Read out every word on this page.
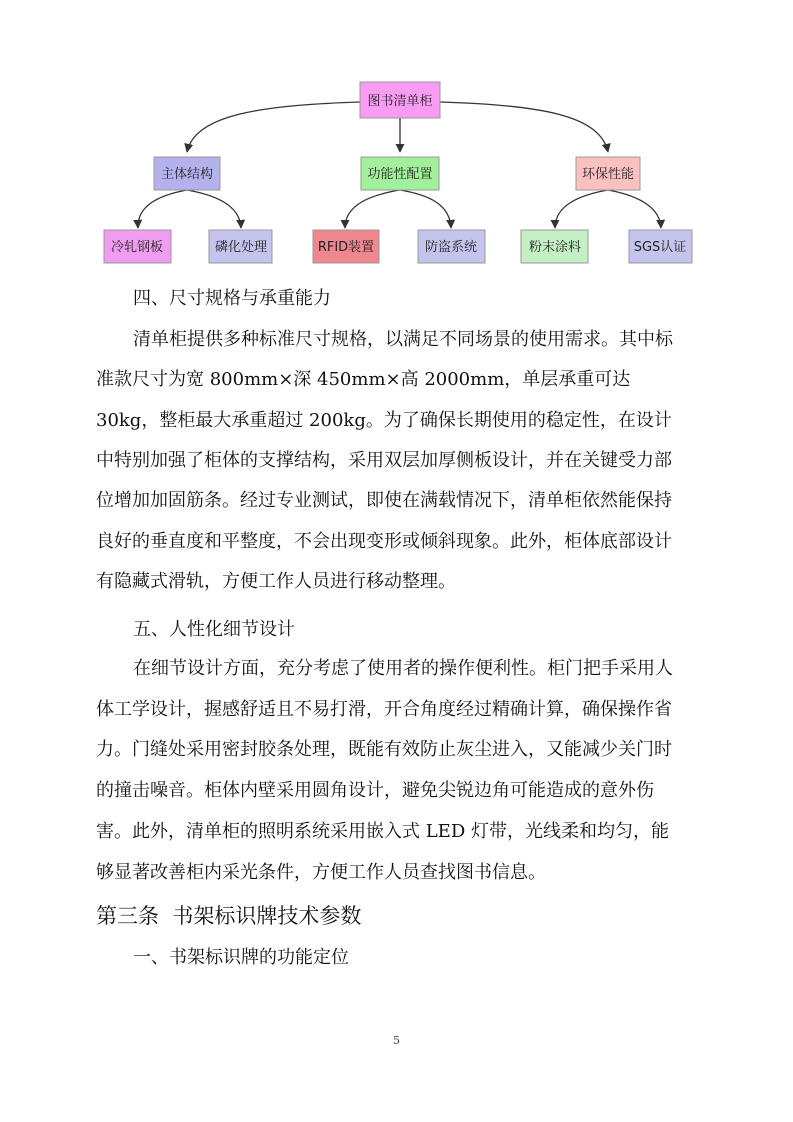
图书清单柜
主体结构	功能性配置	环保性能
冷轧钢板	磷化处理	RFID装置	防盗系统	粉末涂料	SGS认证
四、尺寸规格与承重能力
清单柜提供多种标准尺寸规格，以满足不同场景的使用需求。其中标
准款尺寸为宽 800mm×深 450mm×高 2000mm，单层承重可达
30kg，整柜最大承重超过 200kg。为了确保长期使用的稳定性，在设计
中特别加强了柜体的支撑结构，采用双层加厚侧板设计，并在关键受力部
位增加加固筋条。经过专业测试，即使在满载情况下，清单柜依然能保持
良好的垂直度和平整度，不会出现变形或倾斜现象。此外，柜体底部设计
有隐藏式滑轨，方便工作人员进行移动整理。
五、人性化细节设计
在细节设计方面，充分考虑了使用者的操作便利性。柜门把手采用人
体工学设计，握感舒适且不易打滑，开合角度经过精确计算，确保操作省
力。门缝处采用密封胶条处理，既能有效防止灰尘进入，又能减少关门时
的撞击噪音。柜体内壁采用圆角设计，避免尖锐边角可能造成的意外伤
害。此外，清单柜的照明系统采用嵌入式 LED 灯带，光线柔和均匀，能
够显著改善柜内采光条件，方便工作人员查找图书信息。
第三条  书架标识牌技术参数
一、书架标识牌的功能定位
5
